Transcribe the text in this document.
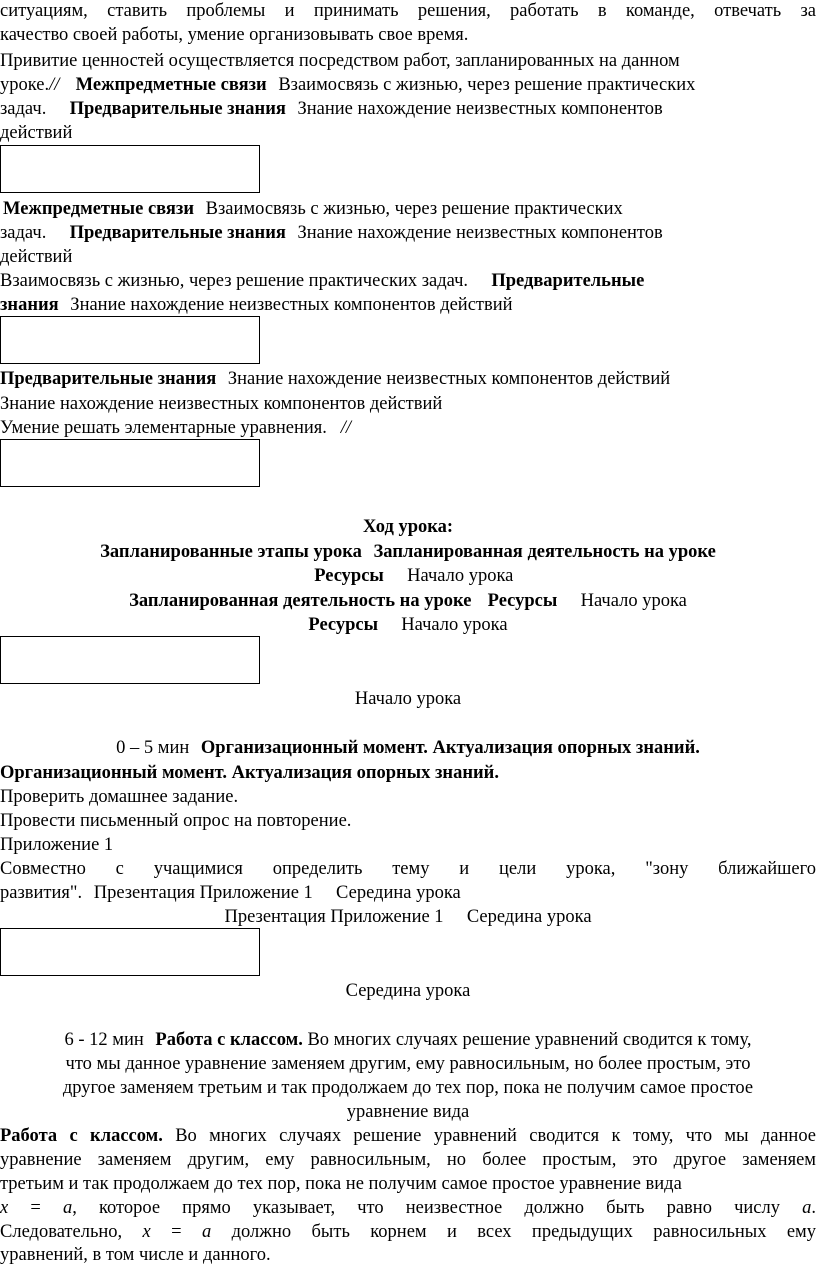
ситуациям, ставить проблемы и принимать решения, работать в команде, отвечать за
качество своей работы, умение организовывать свое время.
Привитие ценностей осуществляется посредством работ, запланированных на данном
уроке.// Межпредметные связи Взаимосвязь с жизнью, через решение практических
задач. Предварительные знания Знание нахождение неизвестных компонентов
действий
Межпредметные связи Взаимосвязь с жизнью, через решение практических
задач. Предварительные знания Знание нахождение неизвестных компонентов
действий
Взаимосвязь с жизнью, через решение практических задач. Предварительные
знания Знание нахождение неизвестных компонентов действий
Предварительные знания Знание нахождение неизвестных компонентов действий
Знание нахождение неизвестных компонентов действий
Умение решать элементарные уравнения. //
Ход урока:
Запланированные этапы урока Запланированная деятельность на уроке
Ресурсы  Начало урока
Запланированная деятельность на уроке Ресурсы  Начало урока
Ресурсы  Начало урока
Начало урока
0 – 5 мин Организационный момент. Актуализация опорных знаний.
Организационный момент. Актуализация опорных знаний.
Проверить домашнее задание.
Провести письменный опрос на повторение.
Приложение 1
Совместно с учащимися определить тему и цели урока, "зону ближайшего
развития". Презентация Приложение 1  Середина урока
Презентация Приложение 1  Середина урока
Середина урока
6 - 12 мин Работа с классом. Во многих случаях решение уравнений сводится к тому,
что мы данное уравнение заменяем другим, ему равносильным, но более простым, это
другое заменяем третьим и так продолжаем до тех пор, пока не получим самое простое
уравнение вида
Работа с классом. Во многих случаях решение уравнений сводится к тому, что мы данное
уравнение заменяем другим, ему равносильным, но более простым, это другое заменяем
третьим и так продолжаем до тех пор, пока не получим самое простое уравнение вида
x = a, которое прямо указывает, что неизвестное должно быть равно числу a.
Следовательно, x = a должно быть корнем и всех предыдущих равносильных ему
уравнений, в том числе и данного.
